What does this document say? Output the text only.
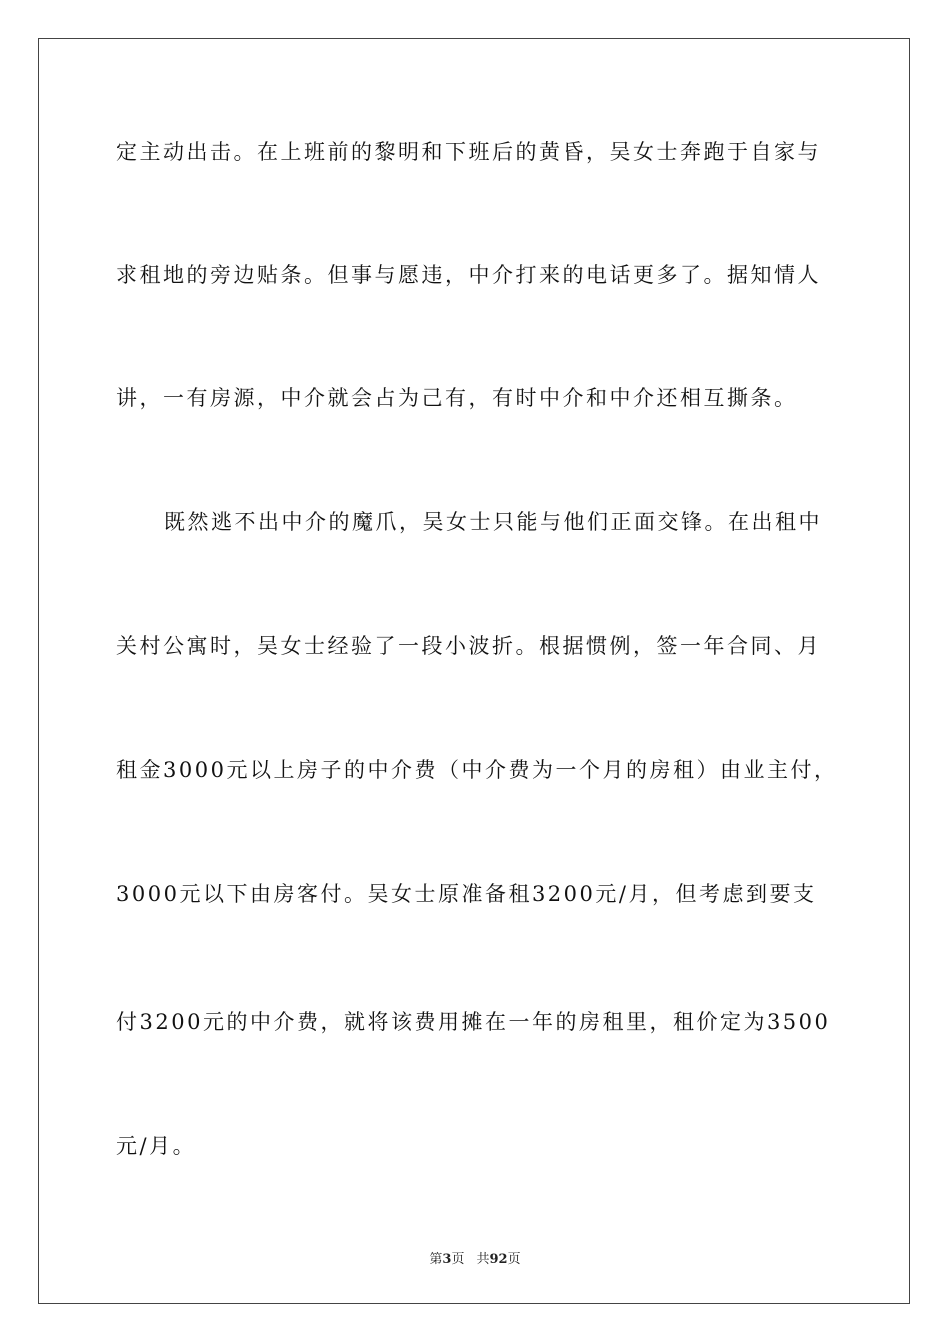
定主动出击。在上班前的黎明和下班后的黄昏，吴女士奔跑于自家与
求租地的旁边贴条。但事与愿违，中介打来的电话更多了。据知情人
讲，一有房源，中介就会占为己有，有时中介和中介还相互撕条。
既然逃不出中介的魔爪，吴女士只能与他们正面交锋。在出租中
关村公寓时，吴女士经验了一段小波折。根据惯例，签一年合同、月
租金3000元以上房子的中介费（中介费为一个月的房租）由业主付，
3000元以下由房客付。吴女士原准备租3200元/月，但考虑到要支
付3200元的中介费，就将该费用摊在一年的房租里，租价定为3500
元/月。
第3页 共92页
